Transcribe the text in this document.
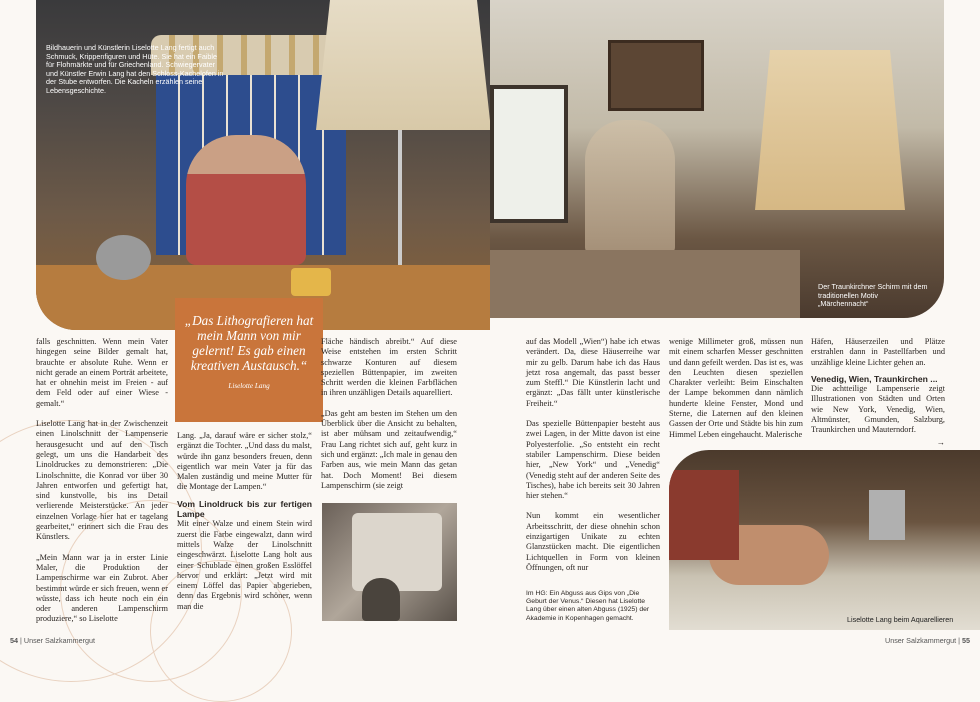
Bildhauerin und Künstlerin Liselotte Lang fertigt auch Schmuck, Krippenfiguren und Hüte. Sie hat ein Faible für Flohmärkte und für Griechenland. Schwiegervater und Künstler Erwin Lang hat den Schloss-Kachelofen in der Stube entworfen. Die Kacheln erzählen seine Lebensgeschichte.
Der Traunkirchner Schirm mit dem traditionellen Motiv „Märchennacht“
„Das Lithografieren hat mein Mann von mir gelernt! Es gab einen kreativen Austausch.“
Liselotte Lang

falls geschnitten. Wenn mein Vater hingegen seine Bilder gemalt hat, brauchte er absolute Ruhe. Wenn er nicht gerade an einem Porträt arbeitete, hat er ohnehin meist im Freien - auf dem Feld oder auf einer Wiese - gemalt.“

Liselotte Lang hat in der Zwischenzeit einen Linolschnitt der Lampenserie herausgesucht und auf den Tisch gelegt, um uns die Handarbeit des Linoldruckes zu demonstrieren: „Die Linolschnitte, die Konrad vor über 30 Jahren entworfen und gefertigt hat, sind kunstvolle, bis ins Detail verlierende Meisterstücke. An jeder einzelnen Vorlage hier hat er tagelang gearbeitet,“ erinnert sich die Frau des Künstlers.

„Mein Mann war ja in erster Linie Maler, die Produktion der Lampenschirme war ein Zubrot. Aber bestimmt würde er sich freuen, wenn er wüsste, dass ich heute noch ein ein oder anderen Lampenschirm produziere,“ so Liselotte

Lang. „Ja, darauf wäre er sicher stolz,“ ergänzt die Tochter. „Und dass du malst, würde ihn ganz besonders freuen, denn eigentlich war mein Vater ja für das Malen zuständig und meine Mutter für die Montage der Lampen.“

Vom Linoldruck bis zur fertigen Lampe

Mit einer Walze und einem Stein wird zuerst die Farbe eingewalzt, dann wird mittels Walze der Linolschnitt eingeschwärzt. Liselotte Lang holt aus einer Schublade einen großen Esslöffel hervor und erklärt: „Jetzt wird mit einem Löffel das Papier abgerieben, denn das Ergebnis wird schöner, wenn man die

Fläche händisch abreibt.“ Auf diese Weise entstehen im ersten Schritt schwarze Konturen auf diesem speziellen Büttenpapier, im zweiten Schritt werden die kleinen Farbflächen in ihren unzähligen Details aquarelliert.

„Das geht am besten im Stehen um den Überblick über die Ansicht zu behalten, ist aber mühsam und zeitaufwendig,“ Frau Lang richtet sich auf, geht kurz in sich und ergänzt: „Ich male in genau den Farben aus, wie mein Mann das getan hat. Doch Moment! Bei diesem Lampenschirm (sie zeigt

auf das Modell „Wien“) habe ich etwas verändert. Da, diese Häuserreihe war mir zu gelb. Darum habe ich das Haus jetzt rosa angemalt, das passt besser zum Steffl.“ Die Künstlerin lacht und ergänzt: „Das fällt unter künstlerische Freiheit.“

Das spezielle Büttenpapier besteht aus zwei Lagen, in der Mitte davon ist eine Polyesterfolie. „So entsteht ein recht stabiler Lampenschirm. Diese beiden hier, „New York“ und „Venedig“ (Venedig steht auf der anderen Seite des Tisches), habe ich bereits seit 30 Jahren hier stehen.“

Nun kommt ein wesentlicher Arbeitsschritt, der diese ohnehin schon einzigartigen Unikate zu echten Glanzstücken macht. Die eigentlichen Lichtquellen in Form von kleinen Öffnungen, oft nur

Im HG: Ein Abguss aus Gips von „Die Geburt der Venus.“ Diesen hat Liselotte Lang über einen alten Abguss (1925) der Akademie in Kopenhagen gemacht.

wenige Millimeter groß, müssen nun mit einem scharfen Messer geschnitten und dann gefeilt werden. Das ist es, was den Leuchten diesen speziellen Charakter verleiht: Beim Einschalten der Lampe bekommen dann nämlich hunderte kleine Fenster, Mond und Sterne, die Laternen auf den kleinen Gassen der Orte und Städte bis hin zum Himmel Leben eingehaucht. Malerische

Häfen, Häuserzeilen und Plätze erstrahlen dann in Pastellfarben und unzählige kleine Lichter gehen an.

Venedig, Wien, Traunkirchen ...

Die achtteilige Lampenserie zeigt Illustrationen von Städten und Orten wie New York, Venedig, Wien, Altmünster, Gmunden, Salzburg, Traunkirchen und Mauterndorf.

→
Liselotte Lang beim Aquarellieren
54 | Unser Salzkammergut	Unser Salzkammergut | 55
